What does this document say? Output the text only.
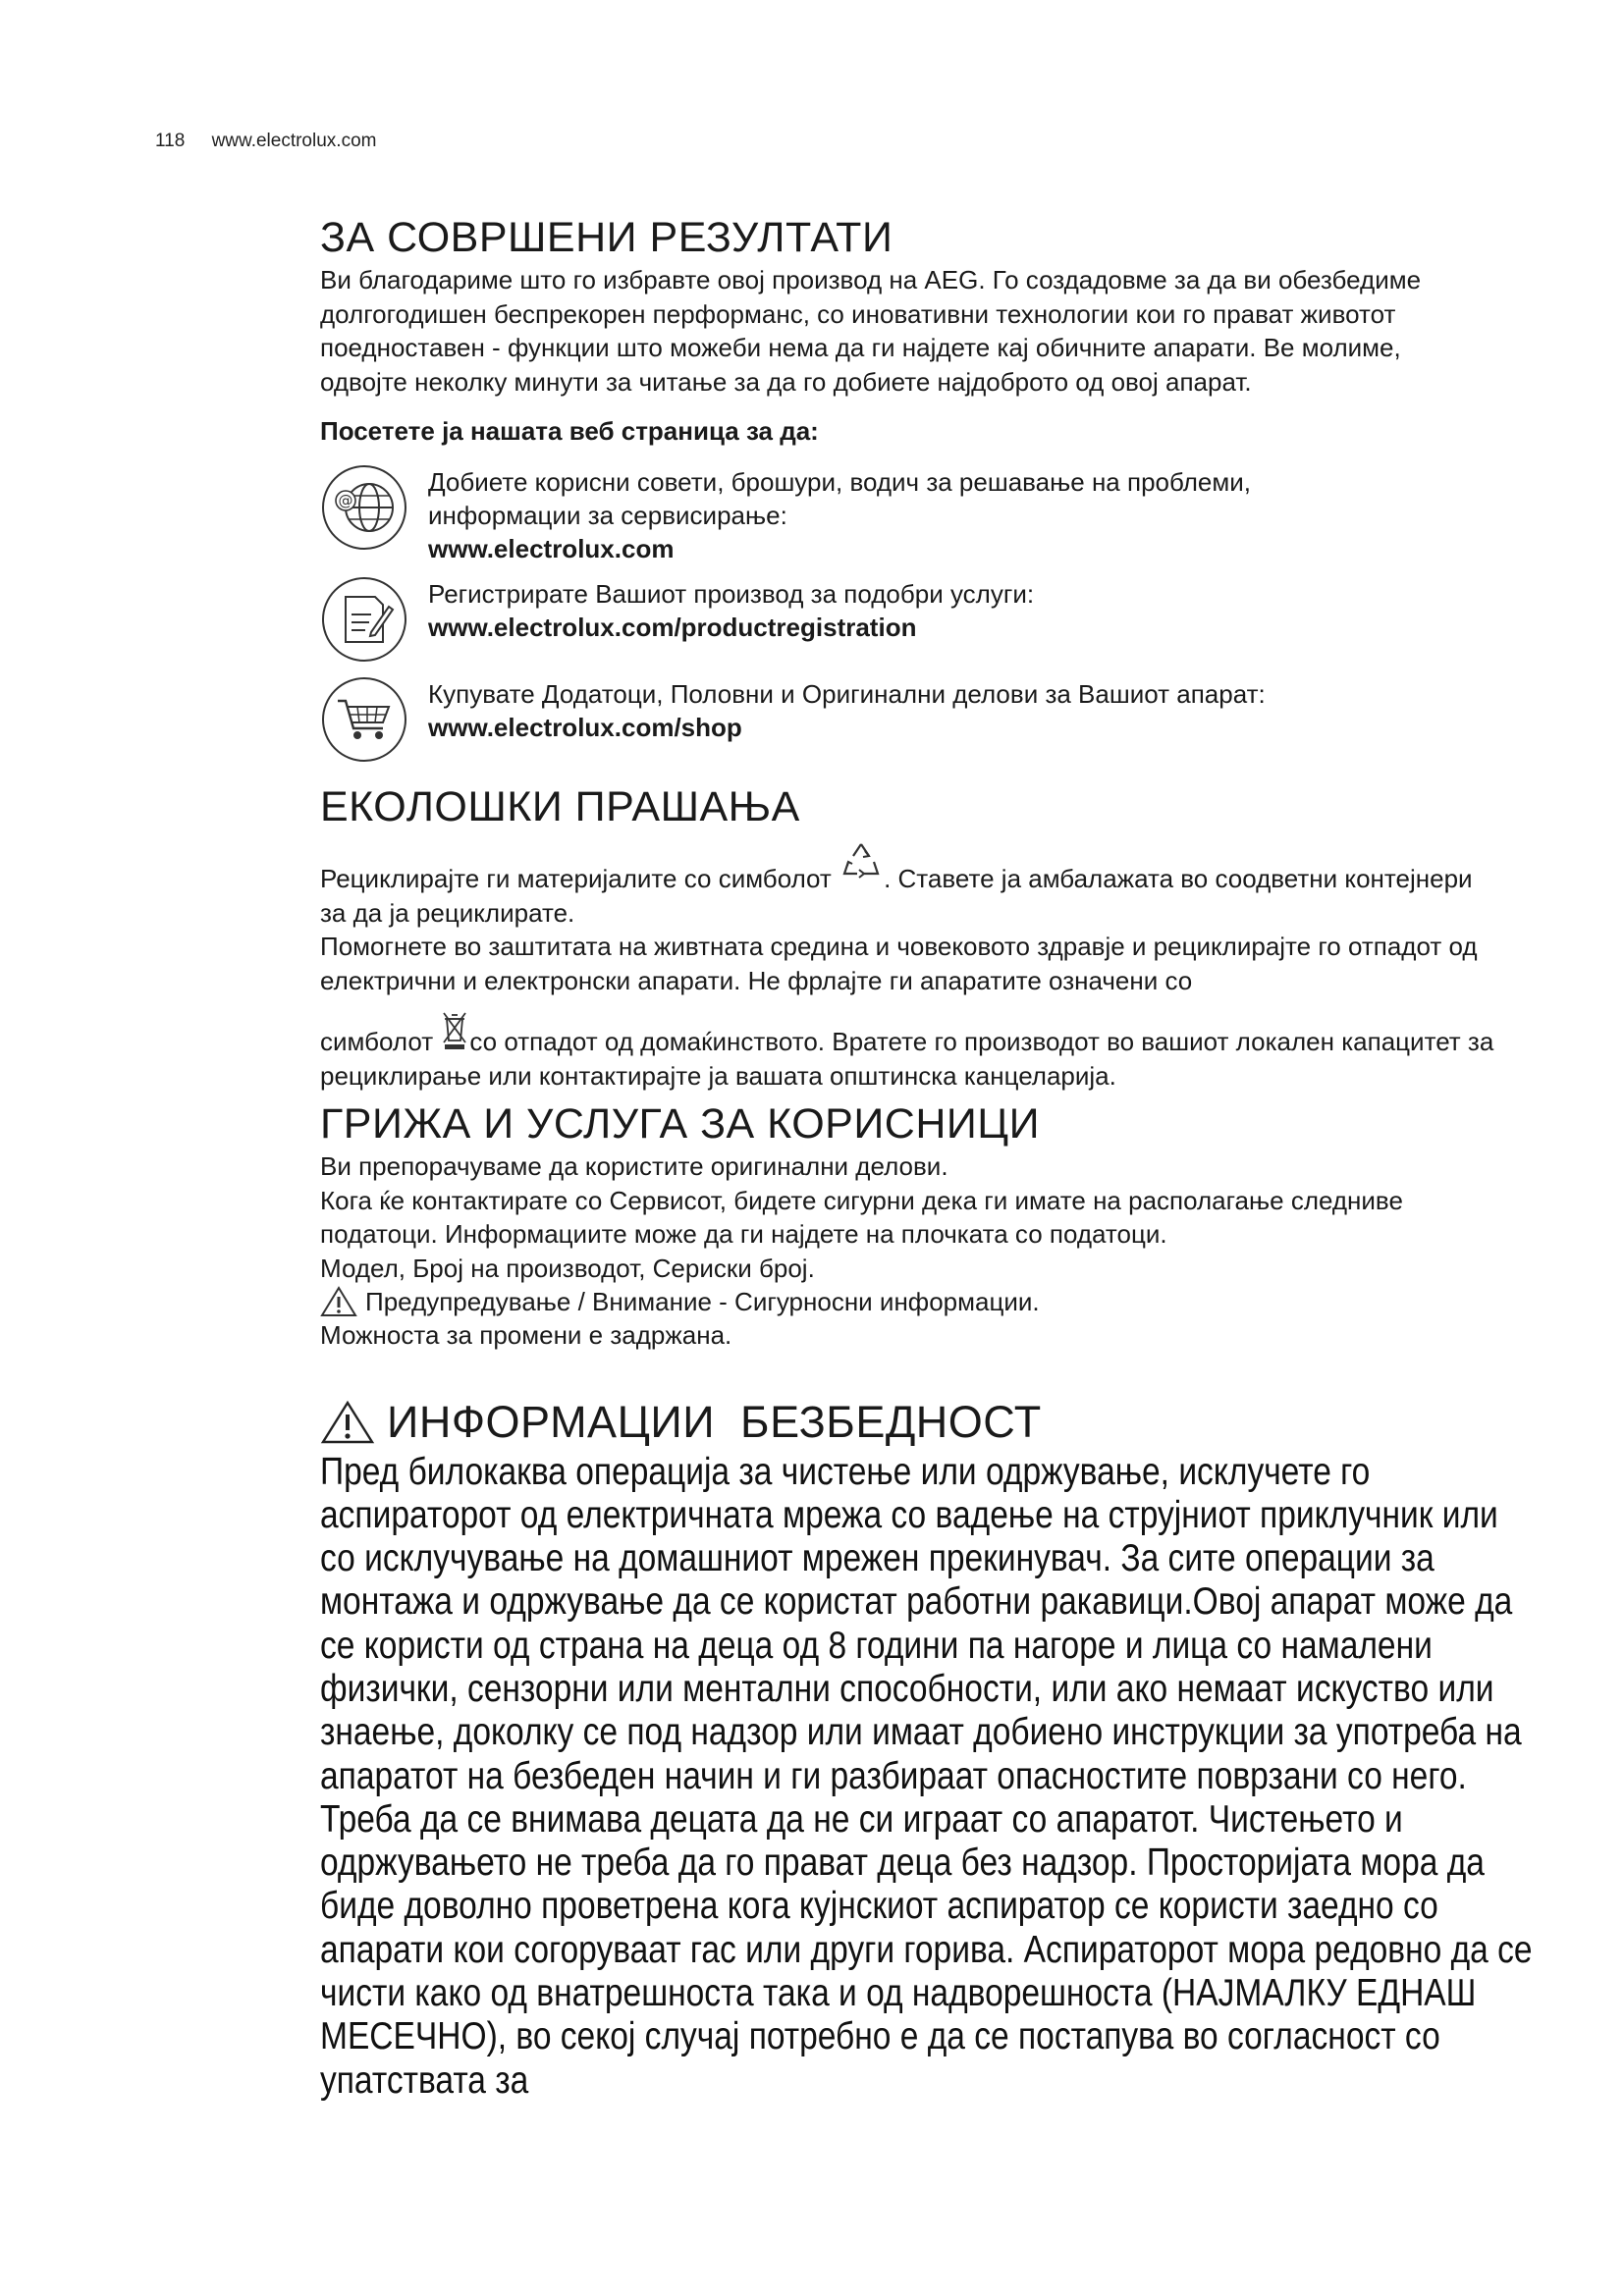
118 www.electrolux.com
ЗА СОВРШЕНИ РЕЗУЛТАТИ

Ви благодариме што го избравте овој производ на AEG. Го создадовме за да ви обезбедиме долгогодишен беспрекорен перформанс, со иновативни технологии кои го прават животот поедноставен - функции што можеби нема да ги најдете кај обичните апарати. Ве молиме, одвојте неколку минути за читање за да го добиете најдоброто од овој апарат.

Посетете ја нашата веб страница за да:

@

Добиете корисни совети, брошури, водич за решавање на проблеми,

информации за сервисирање:

www.electrolux.com

Регистрирате Вашиот производ за подобри услуги:

www.electrolux.com/productregistration

Купувате Додатоци, Половни и Оригинални делови за Вашиот апарат:

www.electrolux.com/shop

ЕКОЛОШКИ ПРАШАЊА

Рециклирајте ги материјалите со симболот . Ставете ја амбалажата во соодветни контејнери за да ја рециклирате.

Помогнете во заштитата на живтната средина и човековото здравје и рециклирајте го отпадот од електрични и електронски апарати. Не фрлајте ги апаратите означени со

симболот со отпадот од домаќинството. Вратете го производот во вашиот локален капацитет за рециклирање или контактирајте ја вашата општинска канцеларија.

ГРИЖА И УСЛУГА ЗА КОРИСНИЦИ

Ви препорачуваме да користите оригинални делови.

Кога ќе контактирате со Сервисот, бидете сигурни дека ги имате на располагање следниве податоци. Информациите може да ги најдете на плочката со податоци.

Модел, Број на производот, Сериски број.

Предупредување / Внимание - Сигурносни информации.

Можноста за промени е задржана.

ИНФОРМАЦИИ  БЕЗБЕДНОСТ

Пред билокаква операција за чистење или одржување, исклучете го аспираторот од електричната мрежа со вадење на струјниот приклучник или со исклучување на домашниот мрежен прекинувач. За сите операции за монтажа и одржување да се користат работни ракавици.Овој апарат може да се користи од страна на деца од 8 години па нагоре и лица со намалени физички, сензорни или ментални способности, или ако немаат искуство или знаење, доколку се под надзор или имаат добиено инструкции за употреба на апаратот на безбеден начин и ги разбираат опасностите поврзани со него. Треба да се внимава децата да не си играат со апаратот. Чистењето и одржувањето не треба да го прават деца без надзор. Просторијата мора да биде доволно проветрена кога кујнскиот аспиратор се користи заедно со апарати кои согоруваат гас или други горива. Аспираторот мора редовно да се чисти како од внатрешноста така и од надворешноста (НАЈМАЛКУ ЕДНАШ МЕСЕЧНО), во секој случај потребно е да се постапува во согласност со упатствата за
